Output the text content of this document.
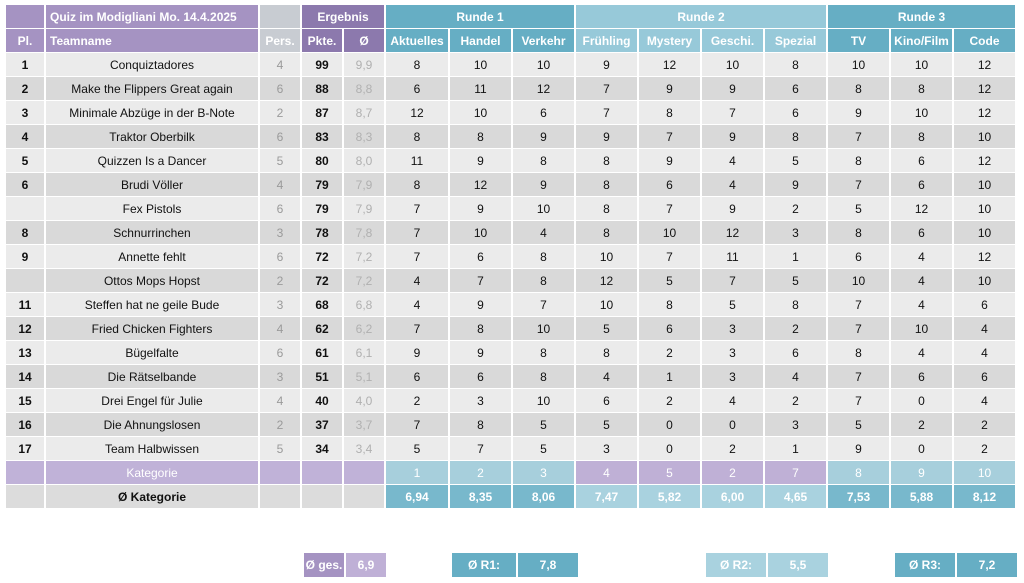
	Quiz im Modigliani Mo. 14.4.2025		Ergebnis		Runde 1			Runde 2				Runde 3		
Pl.	Teamname	Pers.	Pkte.	Ø	Aktuelles	Handel	Verkehr	Frühling	Mystery	Geschi.	Spezial	TV	Kino/Film	Code
1	Conquiztadores	4	99	9,9	8	10	10	9	12	10	8	10	10	12
2	Make the Flippers Great again	6	88	8,8	6	11	12	7	9	9	6	8	8	12
3	Minimale Abzüge in der B-Note	2	87	8,7	12	10	6	7	8	7	6	9	10	12
4	Traktor Oberbilk	6	83	8,3	8	8	9	9	7	9	8	7	8	10
5	Quizzen Is a Dancer	5	80	8,0	11	9	8	8	9	4	5	8	6	12
6	Brudi Völler	4	79	7,9	8	12	9	8	6	4	9	7	6	10
	Fex Pistols	6	79	7,9	7	9	10	8	7	9	2	5	12	10
8	Schnurrinchen	3	78	7,8	7	10	4	8	10	12	3	8	6	10
9	Annette fehlt	6	72	7,2	7	6	8	10	7	11	1	6	4	12
	Ottos Mops Hopst	2	72	7,2	4	7	8	12	5	7	5	10	4	10
11	Steffen hat ne geile Bude	3	68	6,8	4	9	7	10	8	5	8	7	4	6
12	Fried Chicken Fighters	4	62	6,2	7	8	10	5	6	3	2	7	10	4
13	Bügelfalte	6	61	6,1	9	9	8	8	2	3	6	8	4	4
14	Die Rätselbande	3	51	5,1	6	6	8	4	1	3	4	7	6	6
15	Drei Engel für Julie	4	40	4,0	2	3	10	6	2	4	2	7	0	4
16	Die Ahnungslosen	2	37	3,7	7	8	5	5	0	0	3	5	2	2
17	Team Halbwissen	5	34	3,4	5	7	5	3	0	2	1	9	0	2
	Kategorie				1	2	3	4	5	2	7	8	9	10
	Ø Kategorie				6,94	8,35	8,06	7,47	5,82	6,00	4,65	7,53	5,88	8,12
Ø ges.	6,9	Ø R1:	7,8	Ø R2:	5,5	Ø R3:	7,2
